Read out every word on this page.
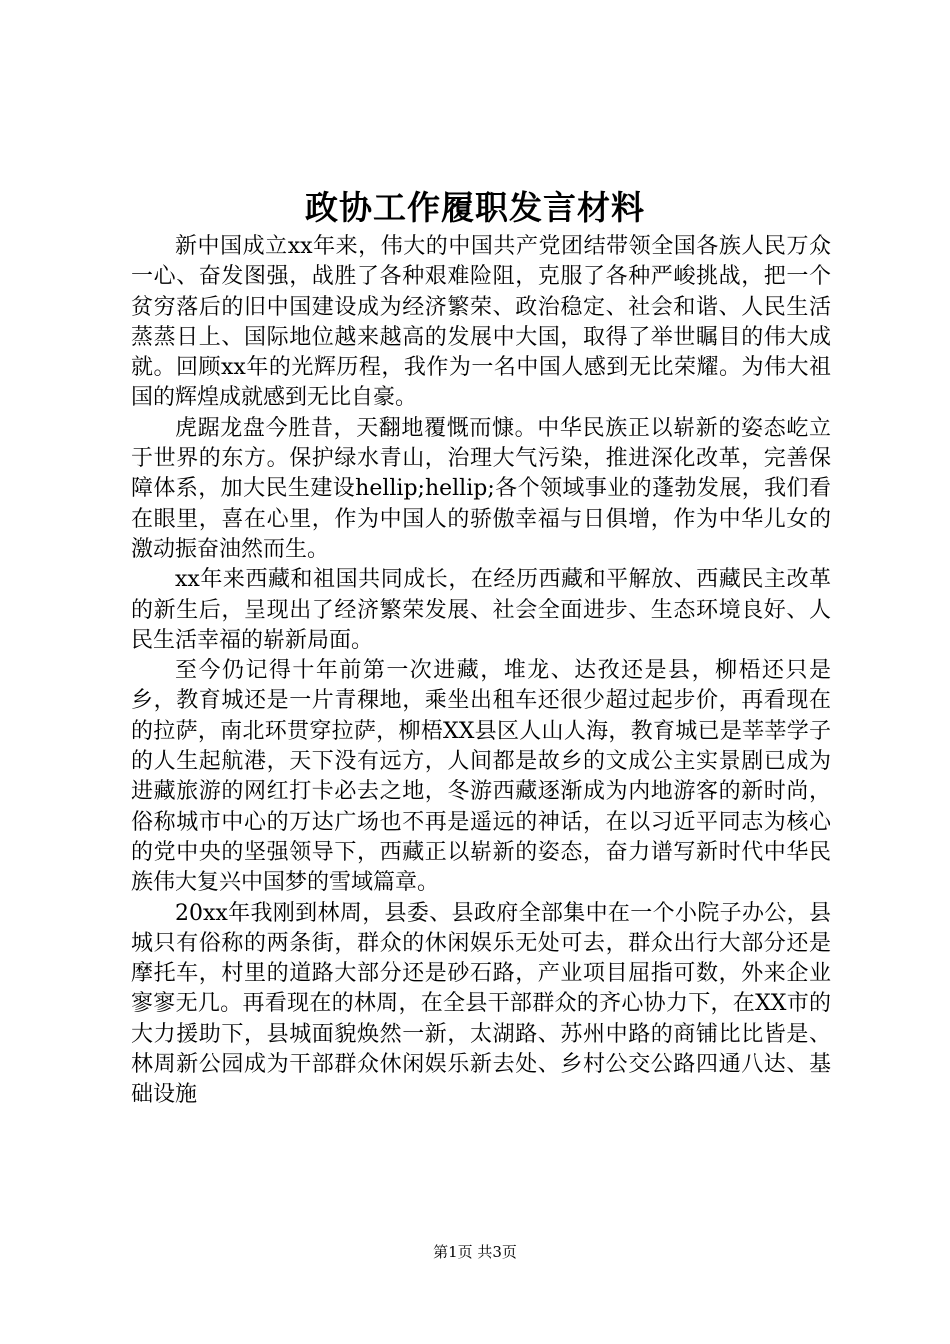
政协工作履职发言材料

新中国成立xx年来，伟大的中国共产党团结带领全国各族人民万众一心、奋发图强，战胜了各种艰难险阻，克服了各种严峻挑战，把一个贫穷落后的旧中国建设成为经济繁荣、政治稳定、社会和谐、人民生活蒸蒸日上、国际地位越来越高的发展中大国，取得了举世瞩目的伟大成就。回顾xx年的光辉历程，我作为一名中国人感到无比荣耀。为伟大祖国的辉煌成就感到无比自豪。

虎踞龙盘今胜昔，天翻地覆慨而慷。中华民族正以崭新的姿态屹立于世界的东方。保护绿水青山，治理大气污染，推进深化改革，完善保障体系，加大民生建设hellip;hellip;各个领域事业的蓬勃发展，我们看在眼里，喜在心里，作为中国人的骄傲幸福与日俱增，作为中华儿女的激动振奋油然而生。

xx年来西藏和祖国共同成长，在经历西藏和平解放、西藏民主改革的新生后，呈现出了经济繁荣发展、社会全面进步、生态环境良好、人民生活幸福的崭新局面。

至今仍记得十年前第一次进藏，堆龙、达孜还是县，柳梧还只是乡，教育城还是一片青稞地，乘坐出租车还很少超过起步价，再看现在的拉萨，南北环贯穿拉萨，柳梧XX县区人山人海，教育城已是莘莘学子的人生起航港，天下没有远方，人间都是故乡的文成公主实景剧已成为进藏旅游的网红打卡必去之地，冬游西藏逐渐成为内地游客的新时尚，俗称城市中心的万达广场也不再是遥远的神话，在以习近平同志为核心的党中央的坚强领导下，西藏正以崭新的姿态，奋力谱写新时代中华民族伟大复兴中国梦的雪域篇章。

20xx年我刚到林周，县委、县政府全部集中在一个小院子办公，县城只有俗称的两条街，群众的休闲娱乐无处可去，群众出行大部分还是摩托车，村里的道路大部分还是砂石路，产业项目屈指可数，外来企业寥寥无几。再看现在的林周，在全县干部群众的齐心协力下，在XX市的大力援助下，县城面貌焕然一新，太湖路、苏州中路的商铺比比皆是、林周新公园成为干部群众休闲娱乐新去处、乡村公交公路四通八达、基础设施

第1页 共3页
